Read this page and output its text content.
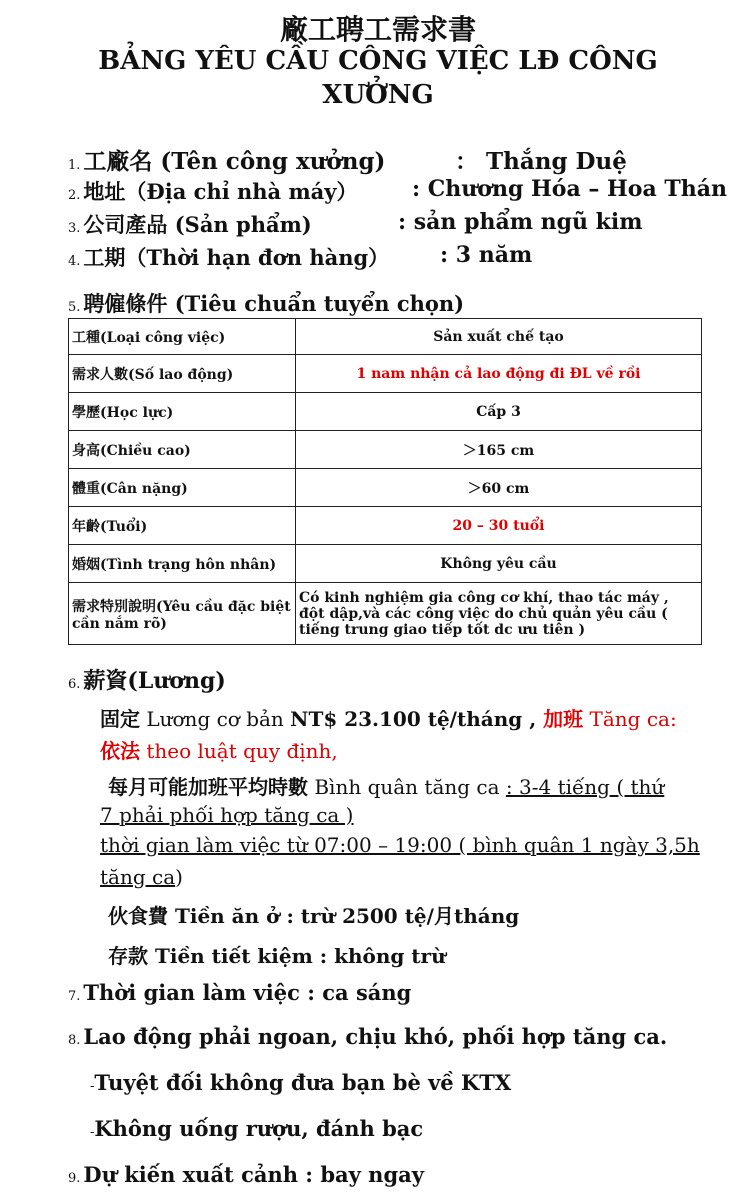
廠工聘工需求書
BẢNG YÊU CẦU CÔNG VIỆC LĐ CÔNG
XƯỞNG
1. 工廠名 (Tên công xưởng)	： Thắng Duệ
2. 地址（Địa chỉ nhà máy） : Chương Hóa – Hoa Thán
3. 公司產品 (Sản phẩm)	: sản phẩm ngũ kim
4. 工期（Thời hạn đơn hàng） : 3 năm
5. 聘僱條件 (Tiêu chuẩn tuyển chọn)
工種(Loại công việc)	Sản xuất chế tạo
需求人數(Số lao động)	1 nam nhận cả lao động đi ĐL về rồi
學歷(Học lực)	Cấp 3
身高(Chiều cao)	＞165 cm
體重(Cân nặng)	＞60 cm
年齡(Tuổi)	20 – 30 tuổi
婚姻(Tình trạng hôn nhân)	Không yêu cầu
需求特別說明(Yêu cầu đặc biệt cần nắm rõ)	Có kinh nghiệm gia công cơ khí, thao tác máy , đột dập,và các công việc do chủ quản yêu cầu ( tiếng trung giao tiếp tốt dc ưu tiên )
6. 薪資(Lương)
固定 Lương cơ bản NT$ 23.100 tệ/tháng , 加班 Tăng ca:
依法 theo luật quy định,
每月可能加班平均時數 Bình quân tăng ca : 3-4 tiếng ( thứ
7 phải phối hợp tăng ca )
thời gian làm việc từ 07:00 – 19:00 ( bình quân 1 ngày 3,5h
tăng ca)
伙食費 Tiền ăn ở : trừ 2500 tệ/月tháng
存款 Tiền tiết kiệm : không trừ
7. Thời gian làm việc : ca sáng
8. Lao động phải ngoan, chịu khó, phối hợp tăng ca.
-Tuyệt đối không đưa bạn bè về KTX
-Không uống rượu, đánh bạc
9. Dự kiến xuất cảnh : bay ngay
